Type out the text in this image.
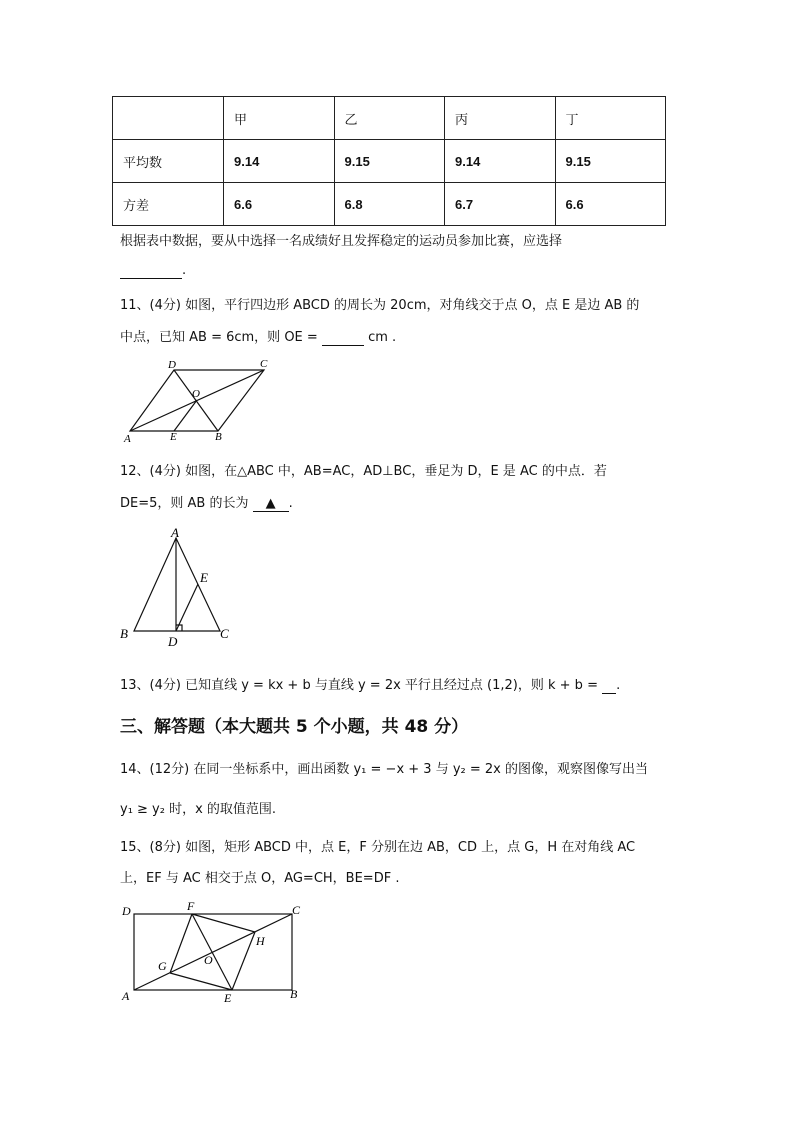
	甲	乙	丙	丁
平均数	9.14	9.15	9.14	9.15
方差	6.6	6.8	6.7	6.6
根据表中数据，要从中选择一名成绩好且发挥稳定的运动员参加比赛，应选择
.
11、(4分) 如图，平行四边形 ABCD 的周长为 20cm，对角线交于点 O，点 E 是边 AB 的
中点，已知 AB = 6cm，则 OE =	cm .
D	C
O
A	E	B
12、(4分) 如图，在△ABC 中，AB=AC，AD⊥BC，垂足为 D，E 是 AC 的中点．若
DE=5，则 AB 的长为 ▲ .
A
E
B
D
C
13、(4分) 已知直线 y = kx + b 与直线 y = 2x 平行且经过点 (1,2)，则 k + b = .
三、解答题（本大题共 5 个小题，共 48 分）
14、(12分) 在同一坐标系中，画出函数 y₁ = −x + 3 与 y₂ = 2x 的图像，观察图像写出当
y₁ ≥ y₂ 时，x 的取值范围.
15、(8分) 如图，矩形 ABCD 中，点 E，F 分别在边 AB，CD 上，点 G，H 在对角线 AC
上，EF 与 AC 相交于点 O，AG=CH，BE=DF .
D	F	C
H
G	O
A	E	B
